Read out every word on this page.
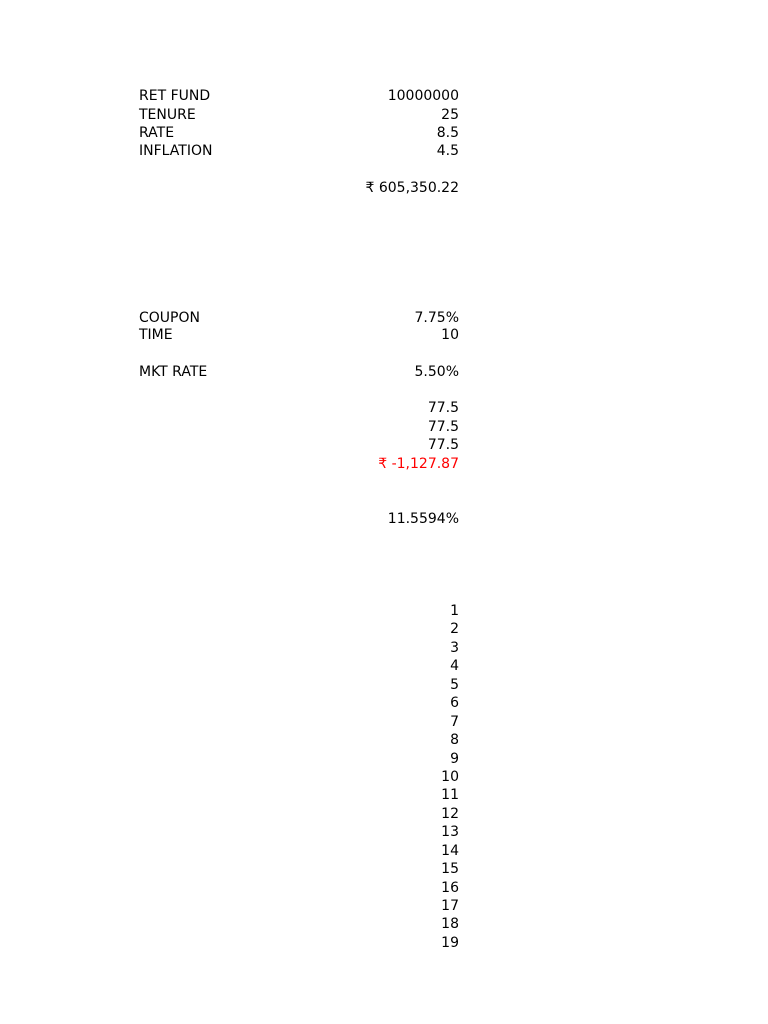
RET FUND	10000000
TENURE	25
RATE	8.5
INFLATION	4.5
₹ 605,350.22
COUPON	7.75%
TIME	10
MKT RATE	5.50%
77.5
77.5
77.5
₹ -1,127.87
11.5594%
1
2
3
4
5
6
7
8
9
10
11
12
13
14
15
16
17
18
19
